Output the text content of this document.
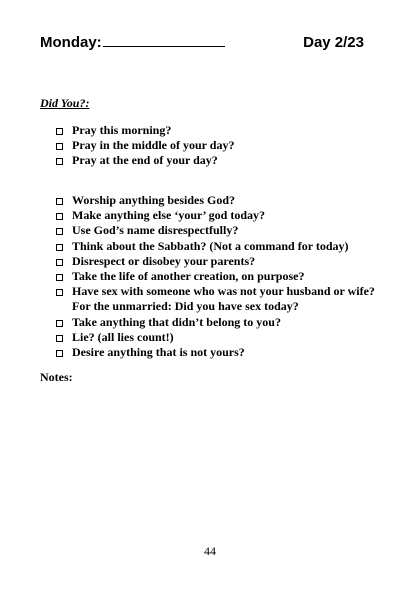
Monday:	Day 2/23
Did You?:
Pray this morning?
Pray in the middle of your day?
Pray at the end of your day?
Worship anything besides God?
Make anything else ‘your’ god today?
Use God’s name disrespectfully?
Think about the Sabbath? (Not a command for today)
Disrespect or disobey your parents?
Take the life of another creation, on purpose?
Have sex with someone who was not your husband or wife? For the unmarried: Did you have sex today?
Take anything that didn’t belong to you?
Lie? (all lies count!)
Desire anything that is not yours?
Notes:
44
